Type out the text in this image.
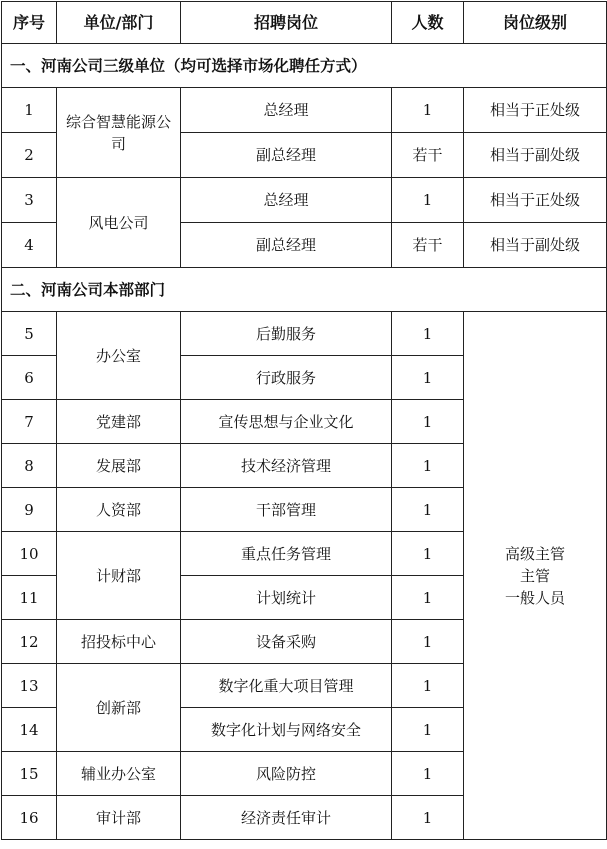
序号	单位/部门	招聘岗位	人数	岗位级别
一、河南公司三级单位（均可选择市场化聘任方式）				
1	综合智慧能源公司	总经理	1	相当于正处级
2		副总经理	若干	相当于副处级
3	风电公司	总经理	1	相当于正处级
4		副总经理	若干	相当于副处级
二、河南公司本部部门				
5	办公室	后勤服务	1	高级主管
主管
一般人员
6		行政服务	1	
7	党建部	宣传思想与企业文化	1	
8	发展部	技术经济管理	1	
9	人资部	干部管理	1	
10	计财部	重点任务管理	1	
11		计划统计	1	
12	招投标中心	设备采购	1	
13	创新部	数字化重大项目管理	1	
14		数字化计划与网络安全	1	
15	辅业办公室	风险防控	1	
16	审计部	经济责任审计	1	
